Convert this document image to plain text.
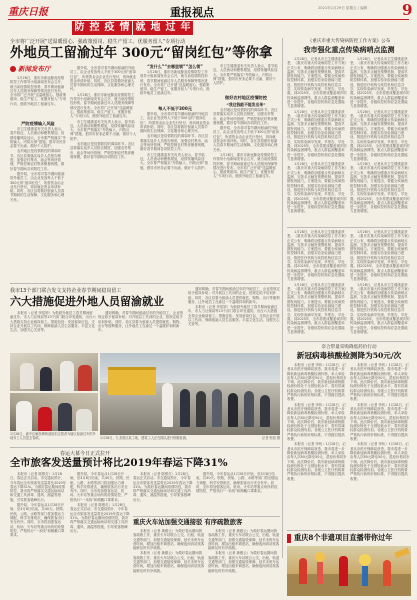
重庆日报	重报视点	2021年1月29日 星期五 / 编辑： 9
防 控 疫 情 就 地 过 年
全市将广泛开展“送温暖留心、强政策留岗、稳生产留工、优服务留人”专项行动
外地员工留渝过年 300元“留岗红包”等你拿
新闻发布厅

1月28日，重庆市新冠肺炎疫情防控工作领导小组新闻发布会召开，就当前疫情防控形势、春节期间留渝过年人员服务保障等情况进行发布。全市将广泛开展“送温暖留心、强政策留岗、稳生产留工、优服务留人”专项行动，鼓励外地员工留渝过年。

严防疫情输入风险

市卫生健康委有关负责人表示，春节临近，人员流动和聚集增加，疫情传播风险加大。全市要严格落实“外防输入、内防反弹”措施，倡导市民非必要不出渝，做好个人防护。

农村地区是疫情防控的薄弱环节。各区县要落实返乡人员报告制度，加强农村集市、庙会等场所管理，严格控制农村集体聚餐规模，做好春节期间各项防控工作。

据介绍，全市将对春节期间留渝的外地员工，由企业发放每人不低于300元的“留岗红包”，所需资金由企业先行垫付，再向就业资金申请补贴。同时，各区县将做好留渝人员春节期间的生活保障、文化服务和心理关怀。

据介绍，全市将对春节期间留渝的外地员工，由企业发放每人不低于300元的“留岗红包”，所需资金由企业先行垫付，再向就业资金申请补贴。同时，各区县将做好留渝人员春节期间的生活保障、文化服务和心理关怀。

1月28日，重庆市新冠肺炎疫情防控工作领导小组新闻发布会召开，就当前疫情防控形势、春节期间留渝过年人员服务保障等情况进行发布。全市将广泛开展“送温暖留心、强政策留岗、稳生产留工、优服务留人”专项行动，鼓励外地员工留渝过年。

市卫生健康委有关负责人表示，春节临近，人员流动和聚集增加，疫情传播风险加大。全市要严格落实“外防输入、内防反弹”措施，倡导市民非必要不出渝，做好个人防护。

农村地区是疫情防控的薄弱环节。各区县要落实返乡人员报告制度，加强农村集市、庙会等场所管理，严格控制农村集体聚餐规模，做好春节期间各项防控工作。

“发什么”“去哪里领”“怎么领”

1月28日，重庆市新冠肺炎疫情防控工作领导小组新闻发布会召开，就当前疫情防控形势、春节期间留渝过年人员服务保障等情况进行发布。全市将广泛开展“送温暖留心、强政策留岗、稳生产留工、优服务留人”专项行动，鼓励外地员工留渝过年。

每人不低于300元

据介绍，全市将对春节期间留渝的外地员工，由企业发放每人不低于300元的“留岗红包”，所需资金由企业先行垫付，再向就业资金申请补贴。同时，各区县将做好留渝人员春节期间的生活保障、文化服务和心理关怀。

农村地区是疫情防控的薄弱环节。各区县要落实返乡人员报告制度，加强农村集市、庙会等场所管理，严格控制农村集体聚餐规模，做好春节期间各项防控工作。

市卫生健康委有关负责人表示，春节临近，人员流动和聚集增加，疫情传播风险加大。全市要严格落实“外防输入、内防反弹”措施，倡导市民非必要不出渝，做好个人防护。

市卫生健康委有关负责人表示，春节临近，人员流动和聚集增加，疫情传播风险加大。全市要严格落实“外防输入、内防反弹”措施，倡导市民非必要不出渝，做好个人防护。

做好农村地区疫情防控
“我这钱能不能发出来”

农村地区是疫情防控的薄弱环节。各区县要落实返乡人员报告制度，加强农村集市、庙会等场所管理，严格控制农村集体聚餐规模，做好春节期间各项防控工作。

据介绍，全市将对春节期间留渝的外地员工，由企业发放每人不低于300元的“留岗红包”，所需资金由企业先行垫付，再向就业资金申请补贴。同时，各区县将做好留渝人员春节期间的生活保障、文化服务和心理关怀。

1月28日，重庆市新冠肺炎疫情防控工作领导小组新闻发布会召开，就当前疫情防控形势、春节期间留渝过年人员服务保障等情况进行发布。全市将广泛开展“送温暖留心、强政策留岗、稳生产留工、优服务留人”专项行动，鼓励外地员工留渝过年。

《重庆市重大传染病防控工作方案》公布
我市强化重点传染病哨点监测

1月28日，记者从市卫生健康委获悉，《重庆市重大传染病防控工作方案》正式公布，明确将加强重点传染病哨点监测，完善多点触发预警机制，提高早期发现能力。方案提出，要健全疾病预防控制体系，加强实验室检测能力建设，推进医疗机构与疾控机构信息共享，实现传染病早发现、早报告、早处置。到2025年，全市将建成覆盖城乡的传染病监测网络，重点人群监测覆盖率进一步提升，各级疾控机构应急处置能力显著增强。

1月28日，记者从市卫生健康委获悉，《重庆市重大传染病防控工作方案》正式公布，明确将加强重点传染病哨点监测，完善多点触发预警机制，提高早期发现能力。方案提出，要健全疾病预防控制体系，加强实验室检测能力建设，推进医疗机构与疾控机构信息共享，实现传染病早发现、早报告、早处置。到2025年，全市将建成覆盖城乡的传染病监测网络，重点人群监测覆盖率进一步提升，各级疾控机构应急处置能力显著增强。

1月28日，记者从市卫生健康委获悉，《重庆市重大传染病防控工作方案》正式公布，明确将加强重点传染病哨点监测，完善多点触发预警机制，提高早期发现能力。方案提出，要健全疾病预防控制体系，加强实验室检测能力建设，推进医疗机构与疾控机构信息共享，实现传染病早发现、早报告、早处置。到2025年，全市将建成覆盖城乡的传染病监测网络，重点人群监测覆盖率进一步提升，各级疾控机构应急处置能力显著增强。

1月28日，记者从市卫生健康委获悉，《重庆市重大传染病防控工作方案》正式公布，明确将加强重点传染病哨点监测，完善多点触发预警机制，提高早期发现能力。方案提出，要健全疾病预防控制体系，加强实验室检测能力建设，推进医疗机构与疾控机构信息共享，实现传染病早发现、早报告、早处置。到2025年，全市将建成覆盖城乡的传染病监测网络，重点人群监测覆盖率进一步提升，各级疾控机构应急处置能力显著增强。

1月28日，记者从市卫生健康委获悉，《重庆市重大传染病防控工作方案》正式公布，明确将加强重点传染病哨点监测，完善多点触发预警机制，提高早期发现能力。方案提出，要健全疾病预防控制体系，加强实验室检测能力建设，推进医疗机构与疾控机构信息共享，实现传染病早发现、早报告、早处置。到2025年，全市将建成覆盖城乡的传染病监测网络，重点人群监测覆盖率进一步提升，各级疾控机构应急处置能力显著增强。

1月28日，记者从市卫生健康委获悉，《重庆市重大传染病防控工作方案》正式公布，明确将加强重点传染病哨点监测，完善多点触发预警机制，提高早期发现能力。方案提出，要健全疾病预防控制体系，加强实验室检测能力建设，推进医疗机构与疾控机构信息共享，实现传染病早发现、早报告、早处置。到2025年，全市将建成覆盖城乡的传染病监测网络，重点人群监测覆盖率进一步提升，各级疾控机构应急处置能力显著增强。

我市13个部门联合发文支持企业春节期间稳岗留工
六大措施促进外地人员留渝就业

本报讯（记者 李星婷）为鼓励外地员工春节期间留渝过年，市人力社保局等13个部门联合印发通知，出台六大措施支持企业稳岗留工。措施包括：发放留岗红包、支持企业开展以工代训、保障留渝人员生活服务、丰富文化生活、加强关心关爱等。

通知明确，对春节期间留渝过年的外地员工，企业按规定给予留岗补贴；对开展以工代训的企业，按规定给予培训补贴。同时，各区县要为留渝人员提供就医、购物、出行等便利服务，让外地员工在渝过一个温暖祥和的新年。

通知明确，对春节期间留渝过年的外地员工，企业按规定给予留岗补贴；对开展以工代训的企业，按规定给予培训补贴。同时，各区县要为留渝人员提供就医、购物、出行等便利服务，让外地员工在渝过一个温暖祥和的新年。

本报讯（记者 李星婷）为鼓励外地员工春节期间留渝过年，市人力社保局等13个部门联合印发通知，出台六大措施支持企业稳岗留工。措施包括：发放留岗红包、支持企业开展以工代训、保障留渝人员生活服务、丰富文化生活、加强关心关爱等。

1月28日，渝中区解放碑街道组织志愿者为辖区留渝过年的外地务工人员送去春联。	1月28日，九龙坡区某工地，建筑工人正在排队进行核酸检测。	记者 郭旭 摄
春运大幕今日正式拉开
全市旅客发送量预计将比2019年春运下降31%

本报讯（记者 陈维灯）1月28日，春运正式启动。市交通局预计，今年春运全市旅客发送量将比2019年春运下降31%。为做好春运期间疫情防控，我市将严格落实交通运输场站和交通工具消毒、通风、测温等措施，引导旅客错峰出行。

据介绍，今年春运从1月28日开始，至3月8日结束，共40天。铁路、民航、公路、水路等部门将加强运力调配，科学安排班次，确保旅客出行安全有序。同时，全市将加强客运站、机场、火车站等重点场所的疫情防控，严格执行“一米线”和佩戴口罩要求。

据介绍，今年春运从1月28日开始，至3月8日结束，共40天。铁路、民航、公路、水路等部门将加强运力调配，科学安排班次，确保旅客出行安全有序。同时，全市将加强客运站、机场、火车站等重点场所的疫情防控，严格执行“一米线”和佩戴口罩要求。

本报讯（记者 陈维灯）1月28日，春运正式启动。市交通局预计，今年春运全市旅客发送量将比2019年春运下降31%。为做好春运期间疫情防控，我市将严格落实交通运输场站和交通工具消毒、通风、测温等措施，引导旅客错峰出行。

本报讯（记者 陈维灯）1月28日，春运正式启动。市交通局预计，今年春运全市旅客发送量将比2019年春运下降31%。为做好春运期间疫情防控，我市将严格落实交通运输场站和交通工具消毒、通风、测温等措施，引导旅客错峰出行。

据介绍，今年春运从1月28日开始，至3月8日结束，共40天。铁路、民航、公路、水路等部门将加强运力调配，科学安排班次，确保旅客出行安全有序。同时，全市将加强客运站、机场、火车站等重点场所的疫情防控，严格执行“一米线”和佩戴口罩要求。

重庆火车站加强交通接驳 有序疏散旅客

本报讯（记者 龚傲云）为做好春运期间旅客疏散工作，重庆火车站联合公交、出租、轨道交通等部门，加强交通接驳保障，延长末班车运营时间，增加出租车调度站，确保夜间到站旅客能够及时有序疏散。

本报讯（记者 龚傲云）为做好春运期间旅客疏散工作，重庆火车站联合公交、出租、轨道交通等部门，加强交通接驳保障，延长末班车运营时间，增加出租车调度站，确保夜间到站旅客能够及时有序疏散。

本报讯（记者 龚傲云）为做好春运期间旅客疏散工作，重庆火车站联合公交、出租、轨道交通等部门，加强交通接驳保障，延长末班车运营时间，增加出租车调度站，确保夜间到站旅客能够及时有序疏散。

本报讯（记者 龚傲云）为做好春运期间旅客疏散工作，重庆火车站联合公交、出租、轨道交通等部门，加强交通接驳保障，延长末班车运营时间，增加出租车调度站，确保夜间到站旅客能够及时有序疏散。

1月28日，记者从市卫生健康委获悉，《重庆市重大传染病防控工作方案》正式公布，明确将加强重点传染病哨点监测，完善多点触发预警机制，提高早期发现能力。方案提出，要健全疾病预防控制体系，加强实验室检测能力建设，推进医疗机构与疾控机构信息共享，实现传染病早发现、早报告、早处置。到2025年，全市将建成覆盖城乡的传染病监测网络，重点人群监测覆盖率进一步提升，各级疾控机构应急处置能力显著增强。

1月28日，记者从市卫生健康委获悉，《重庆市重大传染病防控工作方案》正式公布，明确将加强重点传染病哨点监测，完善多点触发预警机制，提高早期发现能力。方案提出，要健全疾病预防控制体系，加强实验室检测能力建设，推进医疗机构与疾控机构信息共享，实现传染病早发现、早报告、早处置。到2025年，全市将建成覆盖城乡的传染病监测网络，重点人群监测覆盖率进一步提升，各级疾控机构应急处置能力显著增强。

1月28日，记者从市卫生健康委获悉，《重庆市重大传染病防控工作方案》正式公布，明确将加强重点传染病哨点监测，完善多点触发预警机制，提高早期发现能力。方案提出，要健全疾病预防控制体系，加强实验室检测能力建设，推进医疗机构与疾控机构信息共享，实现传染病早发现、早报告、早处置。到2025年，全市将建成覆盖城乡的传染病监测网络，重点人群监测覆盖率进一步提升，各级疾控机构应急处置能力显著增强。

1月28日，记者从市卫生健康委获悉，《重庆市重大传染病防控工作方案》正式公布，明确将加强重点传染病哨点监测，完善多点触发预警机制，提高早期发现能力。方案提出，要健全疾病预防控制体系，加强实验室检测能力建设，推进医疗机构与疾控机构信息共享，实现传染病早发现、早报告、早处置。到2025年，全市将建成覆盖城乡的传染病监测网络，重点人群监测覆盖率进一步提升，各级疾控机构应急处置能力显著增强。

奈合带量采购降低药价行动
新冠病毒核酸检测降为50元/次

本报讯（记者 李珩）1月28日，记者从市医疗保障局获悉，我市将进一步降低新冠病毒核酸检测价格，单人单检由每人次80元降至50元，混检价格同步下调。此次降价后，我市新冠病毒核酸检测价格处于全国较低水平，将有效减轻群众检测负担。各级公立医疗机构要严格执行新的价格标准，不得擅自提高收费。

本报讯（记者 李珩）1月28日，记者从市医疗保障局获悉，我市将进一步降低新冠病毒核酸检测价格，单人单检由每人次80元降至50元，混检价格同步下调。此次降价后，我市新冠病毒核酸检测价格处于全国较低水平，将有效减轻群众检测负担。各级公立医疗机构要严格执行新的价格标准，不得擅自提高收费。

本报讯（记者 李珩）1月28日，记者从市医疗保障局获悉，我市将进一步降低新冠病毒核酸检测价格，单人单检由每人次80元降至50元，混检价格同步下调。此次降价后，我市新冠病毒核酸检测价格处于全国较低水平，将有效减轻群众检测负担。各级公立医疗机构要严格执行新的价格标准，不得擅自提高收费。

本报讯（记者 李珩）1月28日，记者从市医疗保障局获悉，我市将进一步降低新冠病毒核酸检测价格，单人单检由每人次80元降至50元，混检价格同步下调。此次降价后，我市新冠病毒核酸检测价格处于全国较低水平，将有效减轻群众检测负担。各级公立医疗机构要严格执行新的价格标准，不得擅自提高收费。

本报讯（记者 李珩）1月28日，记者从市医疗保障局获悉，我市将进一步降低新冠病毒核酸检测价格，单人单检由每人次80元降至50元，混检价格同步下调。此次降价后，我市新冠病毒核酸检测价格处于全国较低水平，将有效减轻群众检测负担。各级公立医疗机构要严格执行新的价格标准，不得擅自提高收费。

本报讯（记者 李珩）1月28日，记者从市医疗保障局获悉，我市将进一步降低新冠病毒核酸检测价格，单人单检由每人次80元降至50元，混检价格同步下调。此次降价后，我市新冠病毒核酸检测价格处于全国较低水平，将有效减轻群众检测负担。各级公立医疗机构要严格执行新的价格标准，不得擅自提高收费。

重庆8个非遗项目直播带你过年
